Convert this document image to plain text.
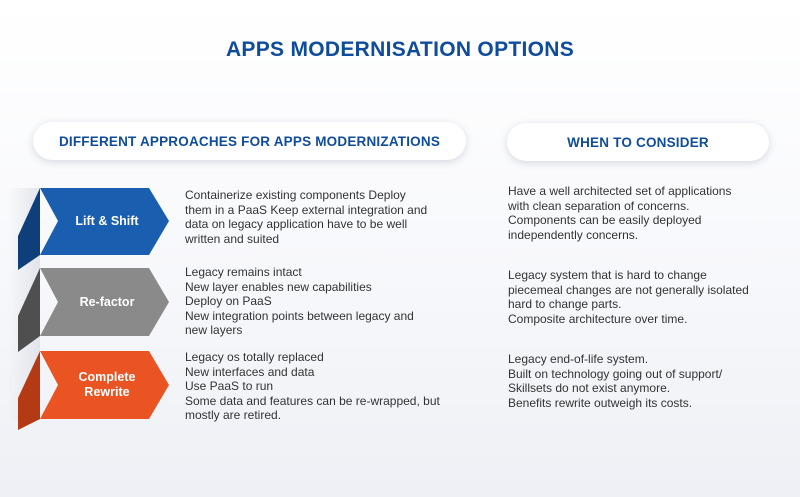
APPS MODERNISATION OPTIONS
DIFFERENT APPROACHES FOR APPS MODERNIZATIONS	WHEN TO CONSIDER
Lift & Shift
Re-factor
Complete
Rewrite
Containerize existing components Deploy
them in a PaaS Keep external integration and
data on legacy application have to be well
written and suited
Legacy remains intact
New layer enables new capabilities
Deploy on PaaS
New integration points between legacy and
new layers
Legacy os totally replaced
New interfaces and data
Use PaaS to run
Some data and features can be re-wrapped, but
mostly are retired.
Have a well architected set of applications
with clean separation of concerns.
Components can be easily deployed
independently concerns.
Legacy system that is hard to change
piecemeal changes are not generally isolated
hard to change parts.
Composite architecture over time.
Legacy end-of-life system.
Built on technology going out of support/
Skillsets do not exist anymore.
Benefits rewrite outweigh its costs.
